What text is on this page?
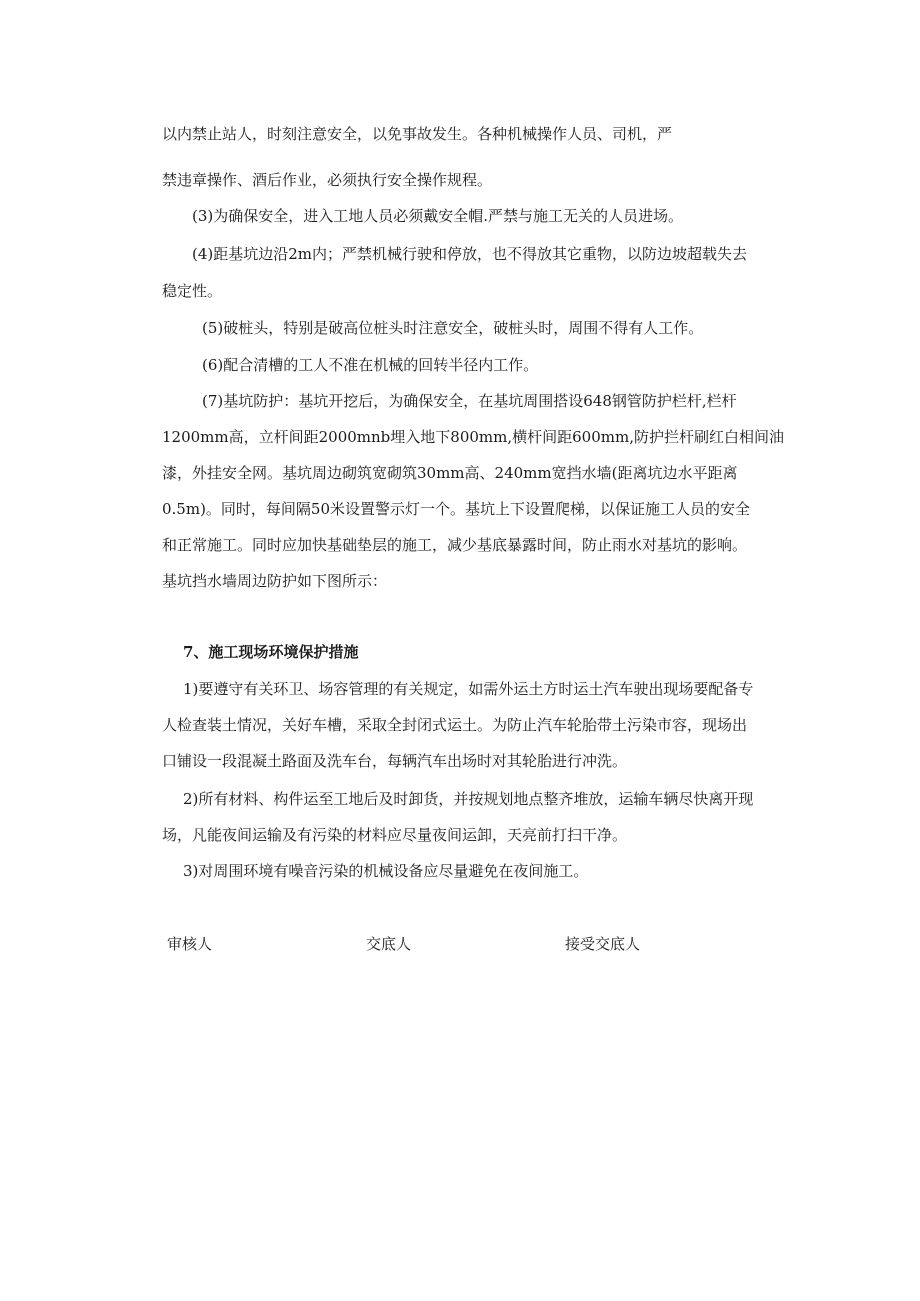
以内禁止站人，时刻注意安全，以免事故发生。各种机械操作人员、司机，严
禁违章操作、酒后作业，必须执行安全操作规程。
(3)为确保安全，进入工地人员必须戴安全帽.严禁与施工无关的人员进场。
(4)距基坑边沿2m内；严禁机械行驶和停放，也不得放其它重物，以防边坡超载失去
稳定性。
(5)破桩头，特别是破高位桩头时注意安全，破桩头时，周围不得有人工作。
(6)配合清槽的工人不准在机械的回转半径内工作。
(7)基坑防护：基坑开挖后，为确保安全，在基坑周围搭设648钢管防护栏杆,栏杆
1200mm高，立杆间距2000mnb埋入地下800mm,横杆间距600mm,防护拦杆刷红白相间油
漆，外挂安全网。基坑周边砌筑宽砌筑30mm高、240mm宽挡水墙(距离坑边水平距离
0.5m)。同时，每间隔50米设置警示灯一个。基坑上下设置爬梯，以保证施工人员的安全
和正常施工。同时应加快基础垫层的施工，减少基底暴露时间，防止雨水对基坑的影响。
基坑挡水墙周边防护如下图所示：
7、施工现场环境保护措施
1)要遵守有关环卫、场容管理的有关规定，如需外运土方时运土汽车驶出现场要配备专
人检查装土情况，关好车槽，采取全封闭式运土。为防止汽车轮胎带土污染市容，现场出
口铺设一段混凝土路面及洗车台，每辆汽车出场时对其轮胎进行冲洗。
2)所有材料、构件运至工地后及时卸货，并按规划地点整齐堆放，运输车辆尽快离开现
场，凡能夜间运输及有污染的材料应尽量夜间运卸，天亮前打扫干净。
3)对周围环境有噪音污染的机械设备应尽量避免在夜间施工。
审核人	交底人	接受交底人
